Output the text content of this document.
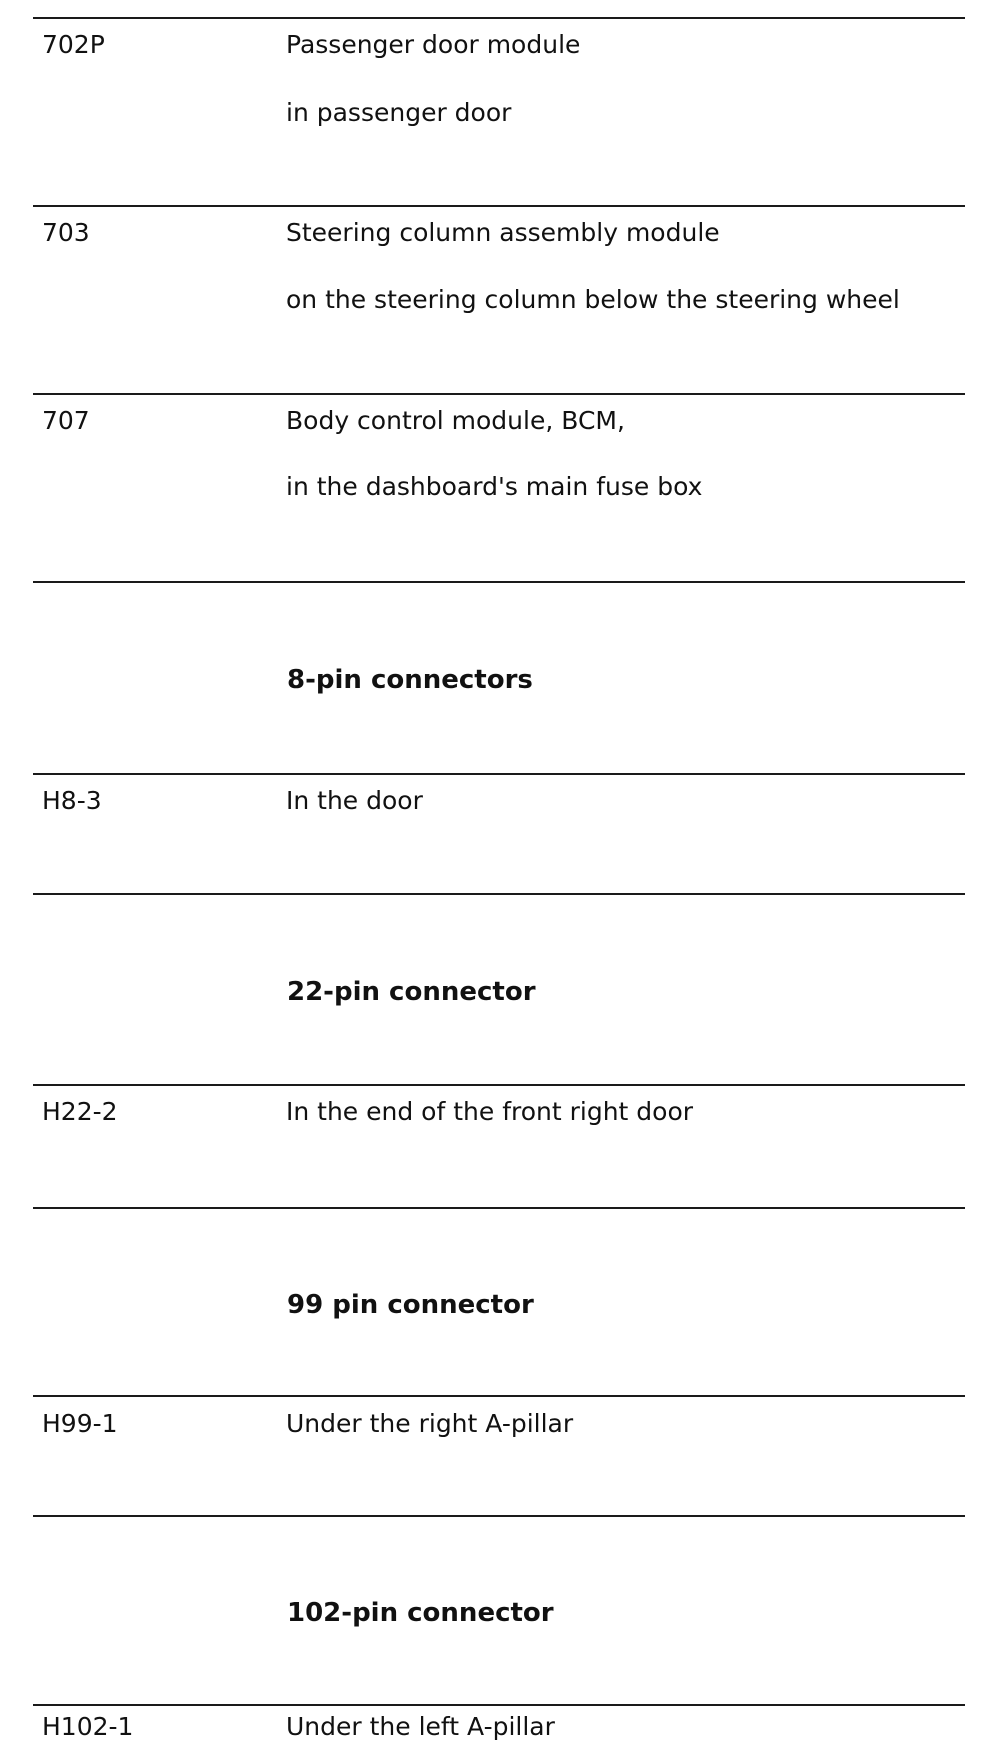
702P	Passenger door module
in passenger door
703	Steering column assembly module
on the steering column below the steering wheel
707	Body control module, BCM,
in the dashboard's main fuse box
8-pin connectors
H8-3	In the door
22-pin connector
H22-2	In the end of the front right door
99 pin connector
H99-1	Under the right A-pillar
102-pin connector
H102-1	Under the left A-pillar
